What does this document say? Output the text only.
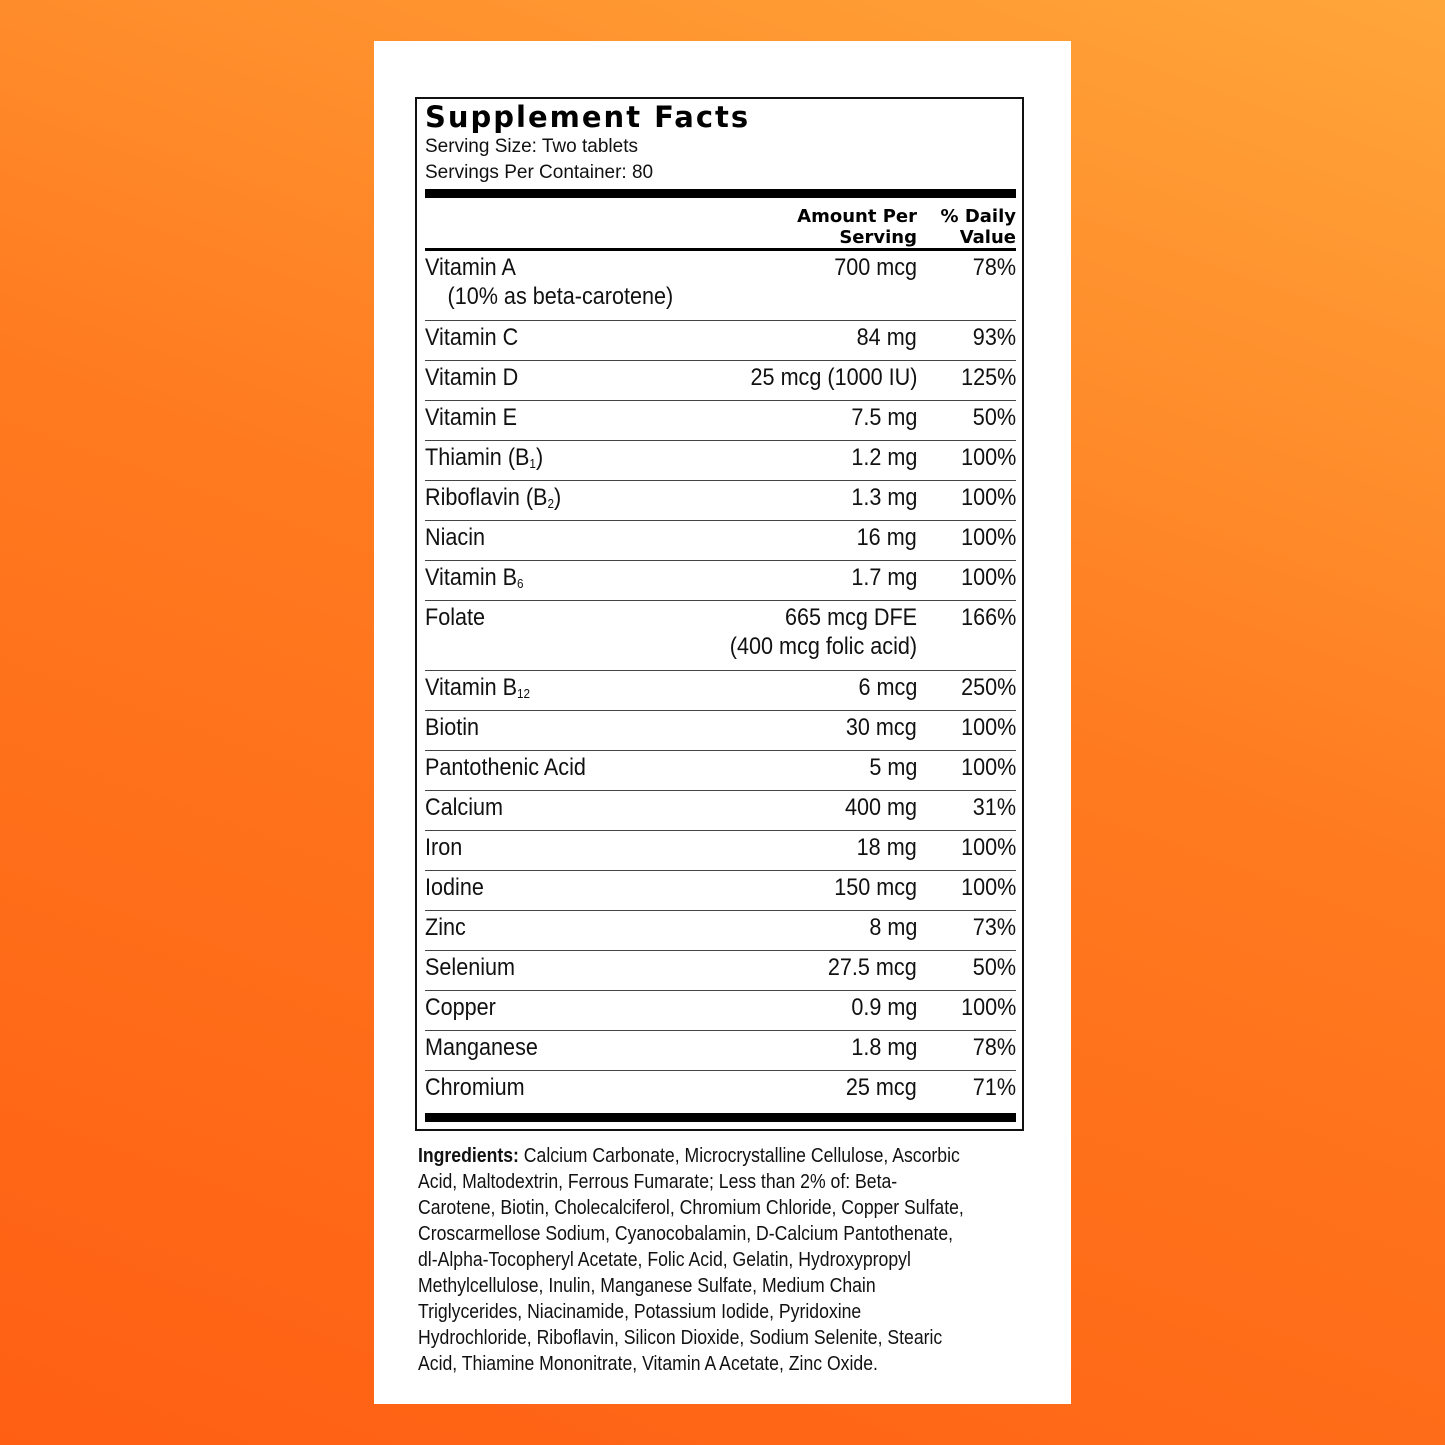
Supplement Facts
Serving Size: Two tablets
Servings Per Container: 80
Amount Per
Serving
% Daily
Value
Vitamin A
(10% as beta-carotene)
700 mcg 78%
Vitamin C	84 mg 93%
Vitamin D	25 mcg (1000 IU) 125%
Vitamin E	7.5 mg 50%
Thiamin $(B_1)$	1.2 mg 100%
Riboflavin $(B_2)$	1.3 mg 100%
Niacin	16 mg 100%
Vitamin $B_6$	1.7 mg 100%
Folate	665 mcg DFE
(400 mcg folic acid)
166%
Vitamin $B_{12}$	6 mcg 250%
Biotin	30 mcg 100%
Pantothenic Acid	5 mg 100%
Calcium	400 mg 31%
Iron	18 mg 100%
Iodine	150 mcg 100%
Zinc	8 mg 73%
Selenium	27.5 mcg 50%
Copper	0.9 mg 100%
Manganese	1.8 mg 78%
Chromium	25 mcg 71%
Ingredients: Calcium Carbonate, Microcrystalline Cellulose, Ascorbic Acid, Maltodextrin, Ferrous Fumarate; Less than 2% of: Beta-Carotene, Biotin, Cholecalciferol, Chromium Chloride, Copper Sulfate, Croscarmellose Sodium, Cyanocobalamin, D-Calcium Pantothenate, dl-Alpha-Tocopheryl Acetate, Folic Acid, Gelatin, Hydroxypropyl Methylcellulose, Inulin, Manganese Sulfate, Medium Chain Triglycerides, Niacinamide, Potassium Iodide, Pyridoxine Hydrochloride, Riboflavin, Silicon Dioxide, Sodium Selenite, Stearic Acid, Thiamine Mononitrate, Vitamin A Acetate, Zinc Oxide.
